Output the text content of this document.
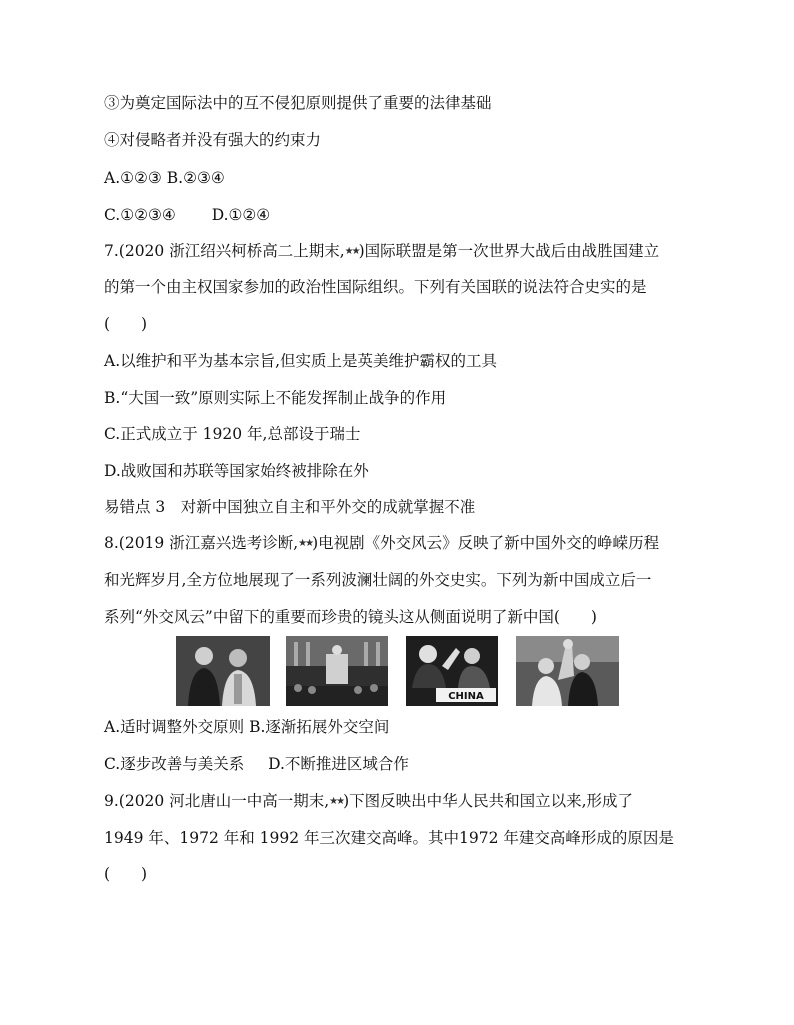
③为奠定国际法中的互不侵犯原则提供了重要的法律基础
④对侵略者并没有强大的约束力
A.①②③ B.②③④
C.①②③④ D.①②④
7.(2020 浙江绍兴柯桥高二上期末,★★)国际联盟是第一次世界大战后由战胜国建立
的第一个由主权国家参加的政治性国际组织。下列有关国联的说法符合史实的是
(　　)
A.以维护和平为基本宗旨,但实质上是英美维护霸权的工具
B.“大国一致”原则实际上不能发挥制止战争的作用
C.正式成立于 1920 年,总部设于瑞士
D.战败国和苏联等国家始终被排除在外
易错点 3　对新中国独立自主和平外交的成就掌握不准
8.(2019 浙江嘉兴选考诊断,★★)电视剧《外交风云》反映了新中国外交的峥嵘历程
和光辉岁月,全方位地展现了一系列波澜壮阔的外交史实。下列为新中国成立后一
系列“外交风云”中留下的重要而珍贵的镜头这从侧面说明了新中国(　　)
CHINA
A.适时调整外交原则 B.逐渐拓展外交空间
C.逐步改善与美关系 D.不断推进区域合作
9.(2020 河北唐山一中高一期末,★★)下图反映出中华人民共和国立以来,形成了
1949 年、1972 年和 1992 年三次建交高峰。其中1972 年建交高峰形成的原因是
(　　)
